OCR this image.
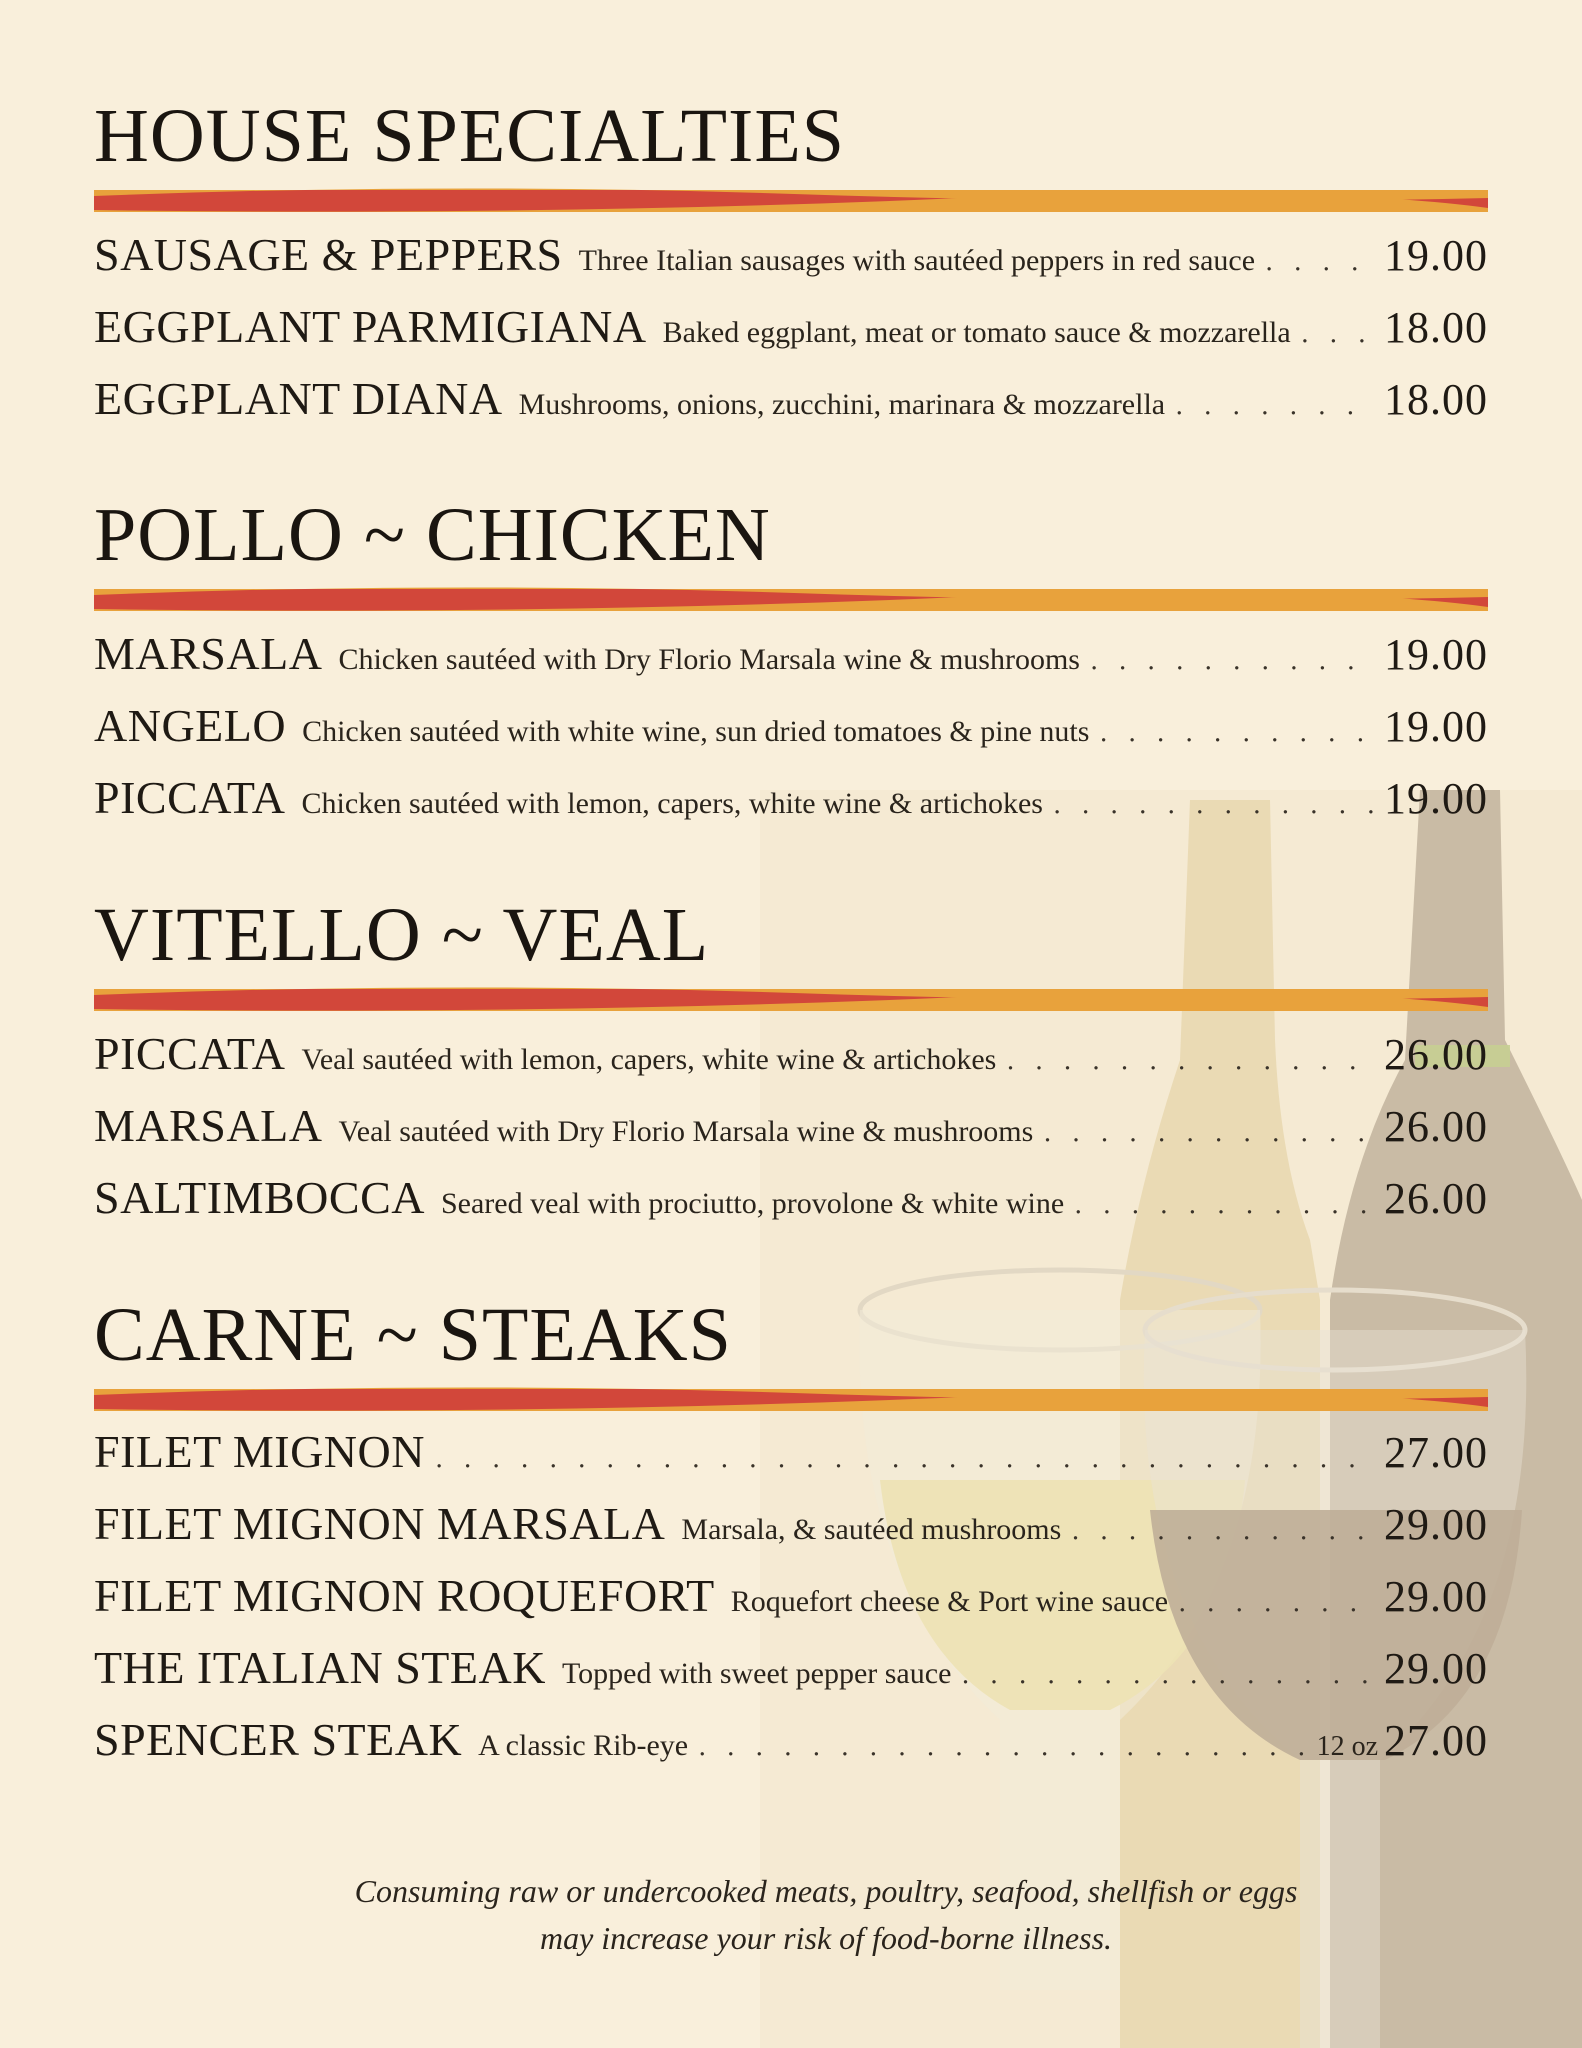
HOUSE SPECIALTIES
SAUSAGE & PEPPERS Three Italian sausages with sautéed peppers in red sauce . . .	19.00
EGGPLANT PARMIGIANA Baked eggplant, meat or tomato sauce & mozzarella . . . 18.00
EGGPLANT DIANA Mushrooms, onions, zucchini, marinara & mozzarella . . .	18.00
POLLO ~ CHICKEN
MARSALA Chicken sautéed with Dry Florio Marsala wine & mushrooms . . .	19.00
ANGELO Chicken sautéed with white wine, sun dried tomatoes & pine nuts . . .	19.00
PICCATA Chicken sautéed with lemon, capers, white wine & artichokes . . .	19.00
VITELLO ~ VEAL
PICCATA Veal sautéed with lemon, capers, white wine & artichokes . . .	26.00
MARSALA Veal sautéed with Dry Florio Marsala wine & mushrooms . . .	26.00
SALTIMBOCCA Seared veal with prociutto, provolone & white wine . . .	26.00
CARNE ~ STEAKS
FILET MIGNON . . .	27.00
FILET MIGNON MARSALA Marsala, & sautéed mushrooms . . .	29.00
FILET MIGNON ROQUEFORT Roquefort cheese & Port wine sauce . . .	29.00
THE ITALIAN STEAK Topped with sweet pepper sauce . . .	29.00
SPENCER STEAK A classic Rib-eye . . .	12 oz 27.00
Consuming raw or undercooked meats, poultry, seafood, shellfish or eggs
may increase your risk of food-borne illness.
